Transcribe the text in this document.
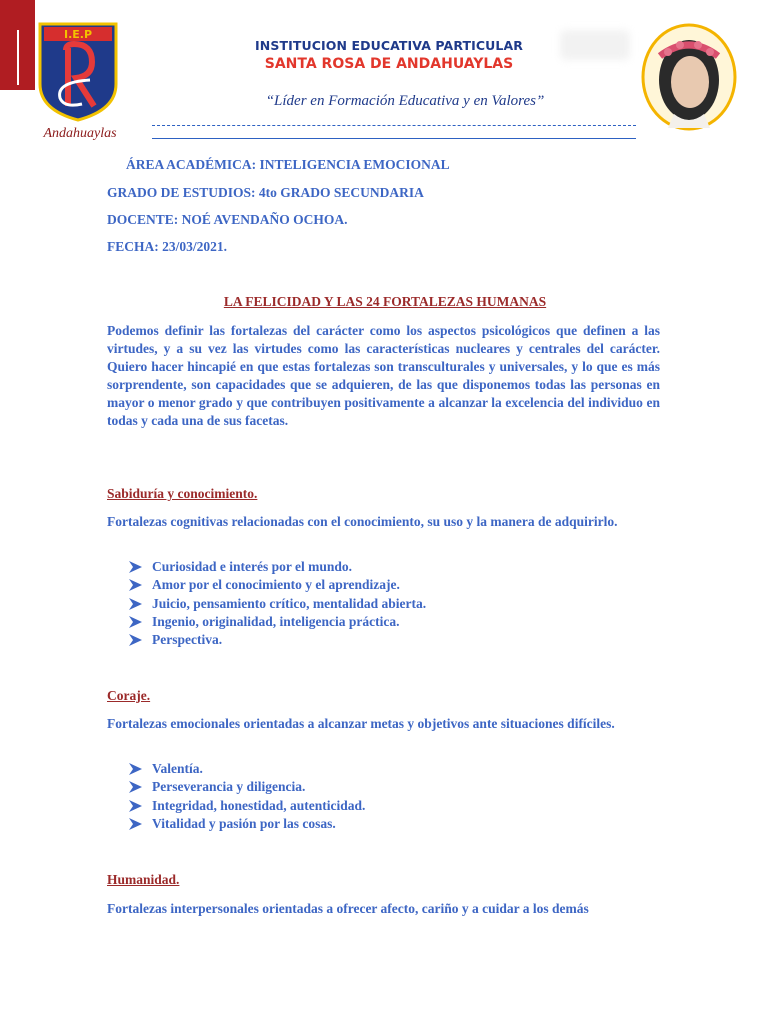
I.E.P
Andahuaylas
INSTITUCION EDUCATIVA PARTICULAR
SANTA ROSA DE ANDAHUAYLAS
“Líder en Formación Educativa y en Valores”
ÁREA ACADÉMICA: INTELIGENCIA EMOCIONAL
GRADO DE ESTUDIOS: 4to GRADO SECUNDARIA
DOCENTE: NOÉ AVENDAÑO OCHOA.
FECHA: 23/03/2021.
LA FELICIDAD Y LAS 24 FORTALEZAS HUMANAS
Podemos definir las fortalezas del carácter como los aspectos psicológicos que definen a las virtudes, y a su vez las virtudes como las características nucleares y centrales del carácter. Quiero hacer hincapié en que estas fortalezas son transculturales y universales, y lo que es más sorprendente, son capacidades que se adquieren, de las que disponemos todas las personas en mayor o menor grado y que contribuyen positivamente a alcanzar la excelencia del individuo en todas y cada una de sus facetas.
Sabiduría y conocimiento.
Fortalezas cognitivas relacionadas con el conocimiento, su uso y la manera de adquirirlo.
Curiosidad e interés por el mundo.
Amor por el conocimiento y el aprendizaje.
Juicio, pensamiento crítico, mentalidad abierta.
Ingenio, originalidad, inteligencia práctica.
Perspectiva.
Coraje.
Fortalezas emocionales orientadas a alcanzar metas y objetivos ante situaciones difíciles.
Valentía.
Perseverancia y diligencia.
Integridad, honestidad, autenticidad.
Vitalidad y pasión por las cosas.
Humanidad.
Fortalezas interpersonales orientadas a ofrecer afecto, cariño y a cuidar a los demás
